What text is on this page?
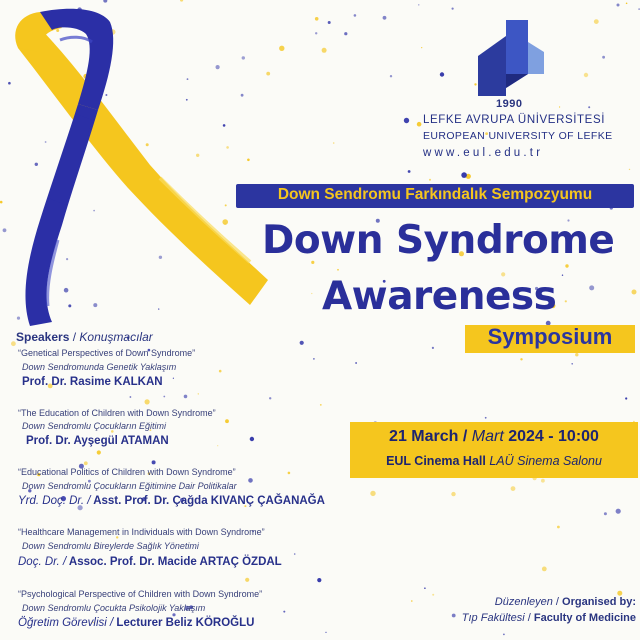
1990
LEFKE AVRUPA ÜNİVERSİTESİ
EUROPEAN UNIVERSITY OF LEFKE
www.eul.edu.tr
Down Sendromu Farkındalık Sempozyumu
Down Syndrome
Awareness
Symposium
Speakers / Konuşmacılar
“Genetical Perspectives of Down Syndrome”
Down Sendromunda Genetik Yaklaşım
Prof. Dr. Rasime KALKAN
“The Education of Children with Down Syndrome”
Down Sendromlu Çocukların Eğitimi
Prof. Dr. Ayşegül ATAMAN
“Educational Politics of Children with Down Syndrome”
Down Sendromlu Çocukların Eğitimine Dair Politikalar
Yrd. Doç. Dr. / Asst. Prof. Dr. Çağda KIVANÇ ÇAĞANAĞA
“Healthcare Management in Individuals with Down Syndrome”
Down Sendromlu Bireylerde Sağlık Yönetimi
Doç. Dr. / Assoc. Prof. Dr. Macide ARTAÇ ÖZDAL
“Psychological Perspective of Children with Down Syndrome”
Down Sendromlu Çocukta Psikolojik Yaklaşım
Öğretim Görevlisi / Lecturer Beliz KÖROĞLU
21 March / Mart 2024 - 10:00
EUL Cinema Hall LAÜ Sinema Salonu
Düzenleyen / Organised by:
Tıp Fakültesi / Faculty of Medicine
